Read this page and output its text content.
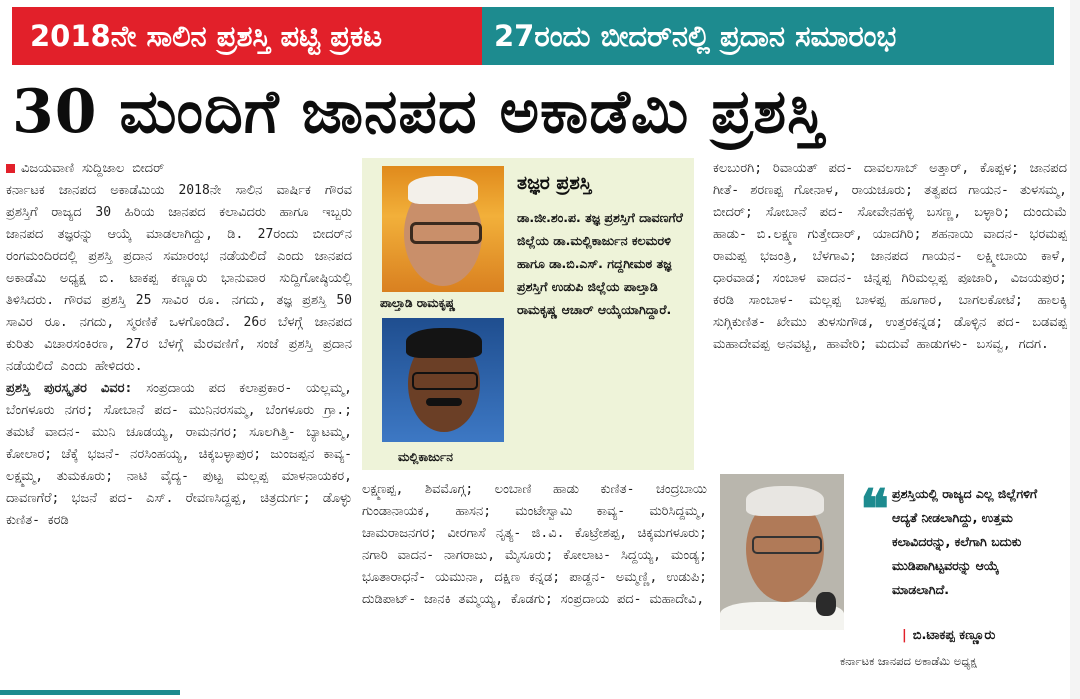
2018ನೇ ಸಾಲಿನ ಪ್ರಶಸ್ತಿ ಪಟ್ಟಿ ಪ್ರಕಟ	27ರಂದು ಬೀದರ್‌ನಲ್ಲಿ ಪ್ರದಾನ ಸಮಾರಂಭ
30 ಮಂದಿಗೆ ಜಾನಪದ ಅಕಾಡೆಮಿ ಪ್ರಶಸ್ತಿ

ವಿಜಯವಾಣಿ ಸುದ್ದಿಜಾಲ ಬೀದರ್

ಕರ್ನಾಟಕ ಜಾನಪದ ಅಕಾಡೆಮಿಯ 2018ನೇ ಸಾಲಿನ ವಾರ್ಷಿಕ ಗೌರವ ಪ್ರಶಸ್ತಿಗೆ ರಾಜ್ಯದ 30 ಹಿರಿಯ ಜಾನಪದ ಕಲಾವಿದರು ಹಾಗೂ ಇಬ್ಬರು ಜಾನಪದ ತಜ್ಞರನ್ನು ಆಯ್ಕೆ ಮಾಡಲಾಗಿದ್ದು, ಡಿ. 27ರಂದು ಬೀದರ್‌ನ ರಂಗಮಂದಿರದಲ್ಲಿ ಪ್ರಶಸ್ತಿ ಪ್ರದಾನ ಸಮಾರಂಭ ನಡೆಯಲಿದೆ ಎಂದು ಜಾನಪದ ಅಕಾಡೆಮಿ ಅಧ್ಯಕ್ಷ ಬಿ. ಟಾಕಪ್ಪ ಕಣ್ಣೂರು ಭಾನುವಾರ ಸುದ್ದಿಗೋಷ್ಠಿಯಲ್ಲಿ ತಿಳಿಸಿದರು. ಗೌರವ ಪ್ರಶಸ್ತಿ 25 ಸಾವಿರ ರೂ. ನಗದು, ತಜ್ಞ ಪ್ರಶಸ್ತಿ 50 ಸಾವಿರ ರೂ. ನಗದು, ಸ್ಮರಣಿಕೆ ಒಳಗೊಂಡಿದೆ. 26ರ ಬೆಳಗ್ಗೆ ಜಾನಪದ ಕುರಿತು ವಿಚಾರಸಂಕಿರಣ, 27ರ ಬೆಳಗ್ಗೆ ಮೆರವಣಿಗೆ, ಸಂಜೆ ಪ್ರಶಸ್ತಿ ಪ್ರದಾನ ನಡೆಯಲಿದೆ ಎಂದು ಹೇಳಿದರು.

ಪ್ರಶಸ್ತಿ ಪುರಸ್ಕೃತರ ವಿವರ: ಸಂಪ್ರದಾಯ ಪದ ಕಲಾಪ್ರಕಾರ- ಯಲ್ಲಮ್ಮ, ಬೆಂಗಳೂರು ನಗರ; ಸೋಬಾನೆ ಪದ- ಮುನಿನರಸಮ್ಮ, ಬೆಂಗಳೂರು ಗ್ರಾ.; ತಮಟೆ ವಾದನ- ಮುನಿ ಚೂಡಯ್ಯ, ರಾಮನಗರ; ಸೂಲಗಿತ್ತಿ- ಬ್ಯಾಟಮ್ಮ, ಕೋಲಾರ; ಚೆಕ್ಕೆ ಭಜನೆ- ನರಸಿಂಹಯ್ಯ, ಚಿಕ್ಕಬಳ್ಳಾಪುರ; ಜುಂಜಪ್ಪನ ಕಾವ್ಯ- ಲಕ್ಷ್ಮಮ್ಮ, ತುಮಕೂರು; ನಾಟಿ ವೈದ್ಯ- ಪುಟ್ಟ ಮಲ್ಲಪ್ಪ ಮಾಳನಾಯಕರ, ದಾವಣಗೆರೆ; ಭಜನೆ ಪದ- ಎಸ್. ರೇವಣಸಿದ್ದಪ್ಪ, ಚಿತ್ರದುರ್ಗ; ಡೊಳ್ಳು ಕುಣಿತ- ಕರಡಿ

ಪಾಲ್ತಾಡಿ ರಾಮಕೃಷ್ಣ
ಮಲ್ಲಿಕಾರ್ಜುನ
ತಜ್ಞರ ಪ್ರಶಸ್ತಿ
ಡಾ.ಜೀ.ಶಂ.ಪ. ತಜ್ಞ ಪ್ರಶಸ್ತಿಗೆ ದಾವಣಗೆರೆ ಜಿಲ್ಲೆಯ ಡಾ.ಮಲ್ಲಿಕಾರ್ಜುನ ಕಲಮರಳಿ ಹಾಗೂ ಡಾ.ಬಿ.ಎಸ್. ಗದ್ದಗೀಮಠ ತಜ್ಞ ಪ್ರಶಸ್ತಿಗೆ ಉಡುಪಿ ಜಿಲ್ಲೆಯ ಪಾಲ್ತಾಡಿ ರಾಮಕೃಷ್ಣ ಆಚಾರ್ ಆಯ್ಕೆಯಾಗಿದ್ದಾರೆ.

ಲಕ್ಷ್ಮಣಪ್ಪ, ಶಿವಮೊಗ್ಗ; ಲಂಬಾಣಿ ಹಾಡು ಕುಣಿತ- ಚಂದ್ರಬಾಯಿ ಗುಂಡಾನಾಯಕ, ಹಾಸನ; ಮಂಟೇಸ್ವಾಮಿ ಕಾವ್ಯ- ಮರಿಸಿದ್ದಮ್ಮ, ಚಾಮರಾಜನಗರ; ವೀರಗಾಸೆ ನೃತ್ಯ- ಜಿ.ವಿ. ಕೊಟ್ರೇಶಪ್ಪ, ಚಿಕ್ಕಮಗಳೂರು; ನಗಾರಿ ವಾದನ- ನಾಗರಾಜು, ಮೈಸೂರು; ಕೋಲಾಟ- ಸಿದ್ದಯ್ಯ, ಮಂಡ್ಯ; ಭೂತಾರಾಧನೆ- ಯಮುನಾ, ದಕ್ಷಿಣ ಕನ್ನಡ; ಪಾಡ್ದನ- ಅಮ್ಮಣ್ಣಿ, ಉಡುಪಿ; ದುಡಿಪಾಟ್- ಜಾನಕಿ ತಮ್ಮಯ್ಯ, ಕೊಡಗು; ಸಂಪ್ರದಾಯ ಪದ- ಮಹಾದೇವಿ,

ಕಲಬುರಗಿ; ರಿವಾಯತ್ ಪದ- ದಾವಲಸಾಬ್ ಅತ್ತಾರ್, ಕೊಪ್ಪಳ; ಜಾನಪದ ಗೀತೆ- ಶರಣಪ್ಪ ಗೋನಾಳ, ರಾಯಚೂರು; ತತ್ವಪದ ಗಾಯನ- ತುಳಸಮ್ಮ, ಬೀದರ್; ಸೋಬಾನೆ ಪದ- ಸೋವೇನಹಳ್ಳಿ ಬಸಣ್ಣ, ಬಳ್ಳಾರಿ; ದುಂದುಮೆ ಹಾಡು- ಬಿ.ಲಕ್ಷ್ಮಣ ಗುತ್ತೇದಾರ್, ಯಾದಗಿರಿ; ಶಹನಾಯಿ ವಾದನ- ಭರಮಪ್ಪ ರಾಮಪ್ಪ ಭಜಂತ್ರಿ, ಬೆಳಗಾವಿ; ಜಾನಪದ ಗಾಯನ- ಲಕ್ಷ್ಮೀಬಾಯಿ ಕಾಳೆ, ಧಾರವಾಡ; ಸಂಬಾಳ ವಾದನ- ಚಿನ್ನಪ್ಪ ಗಿರಿಮಲ್ಲಪ್ಪ ಪೂಜಾರಿ, ವಿಜಯಪುರ; ಕರಡಿ ಸಾಂಬಾಳ- ಮಲ್ಲಪ್ಪ ಬಾಳಪ್ಪ ಹೂಗಾರ, ಬಾಗಲಕೋಟೆ; ಹಾಲಕ್ಕಿ ಸುಗ್ಗಿಕುಣಿತ- ಖೇಮು ತುಳಸುಗೌಡ, ಉತ್ತರಕನ್ನಡ; ಡೊಳ್ಳಿನ ಪದ- ಬಡವಪ್ಪ ಮಹಾದೇವಪ್ಪ ಅನವಟ್ಟಿ, ಹಾವೇರಿ; ಮದುವೆ ಹಾಡುಗಳು- ಬಸವ್ವ, ಗದಗ.

❝ ಪ್ರಶಸ್ತಿಯಲ್ಲಿ ರಾಜ್ಯದ ಎಲ್ಲ ಜಿಲ್ಲೆಗಳಿಗೆ ಆದ್ಯತೆ ನೀಡಲಾಗಿದ್ದು, ಉತ್ತಮ ಕಲಾವಿದರನ್ನು, ಕಲೆಗಾಗಿ ಬದುಕು ಮುಡಿಪಾಗಿಟ್ಟವರನ್ನು ಆಯ್ಕೆ ಮಾಡಲಾಗಿದೆ.
| ಬಿ.ಟಾಕಪ್ಪ ಕಣ್ಣೂರು
ಕರ್ನಾಟಕ ಜಾನಪದ ಅಕಾಡೆಮಿ ಅಧ್ಯಕ್ಷ
